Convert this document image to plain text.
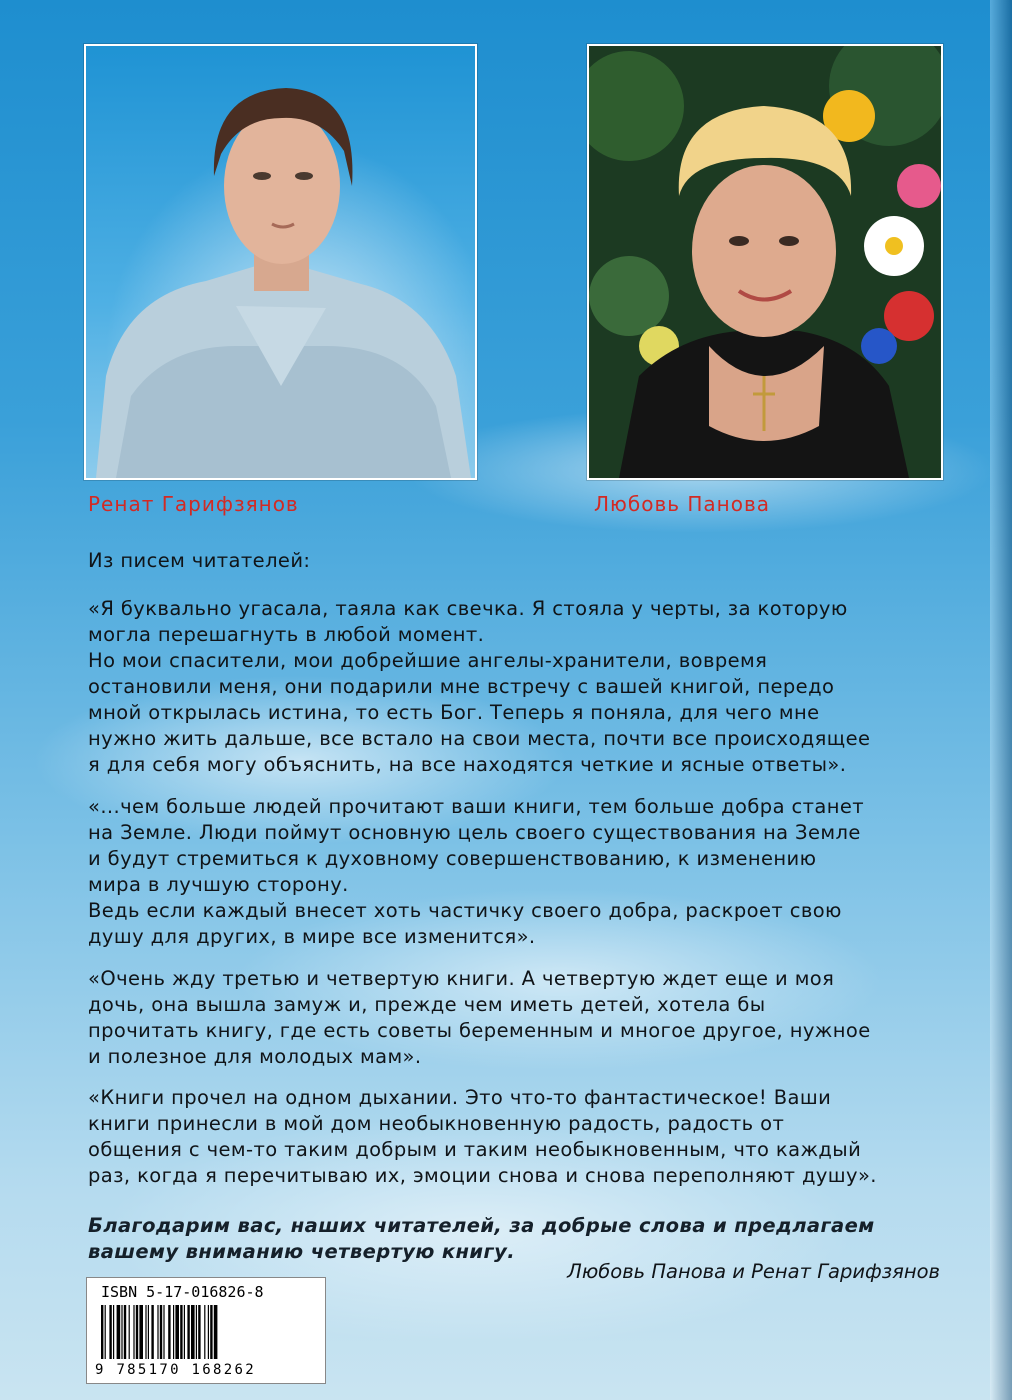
Ренат Гарифзянов	Любовь Панова
Из писем читателей:

«Я буквально угасала, таяла как свечка. Я стояла у черты, за которую

могла перешагнуть в любой момент.

Но мои спасители, мои добрейшие ангелы-хранители, вовремя

остановили меня, они подарили мне встречу с вашей книгой, передо

мной открылась истина, то есть Бог. Теперь я поняла, для чего мне

нужно жить дальше, все встало на свои места, почти все происходящее

я для себя могу объяснить, на все находятся четкие и ясные ответы».

«...чем больше людей прочитают ваши книги, тем больше добра станет

на Земле. Люди поймут основную цель своего существования на Земле

и будут стремиться к духовному совершенствованию, к изменению

мира в лучшую сторону.

Ведь если каждый внесет хоть частичку своего добра, раскроет свою

душу для других, в мире все изменится».

«Очень жду третью и четвертую книги. А четвертую ждет еще и моя

дочь, она вышла замуж и, прежде чем иметь детей, хотела бы

прочитать книгу, где есть советы беременным и многое другое, нужное

и полезное для молодых мам».

«Книги прочел на одном дыхании. Это что-то фантастическое! Ваши

книги принесли в мой дом необыкновенную радость, радость от

общения с чем-то таким добрым и таким необыкновенным, что каждый

раз, когда я перечитываю их, эмоции снова и снова переполняют душу».

Благодарим вас, наших читателей, за добрые слова и предлагаем

вашему вниманию четвертую книгу.

Любовь Панова и Ренат Гарифзянов
ISBN 5-17-016826-8
9 785170 168262
